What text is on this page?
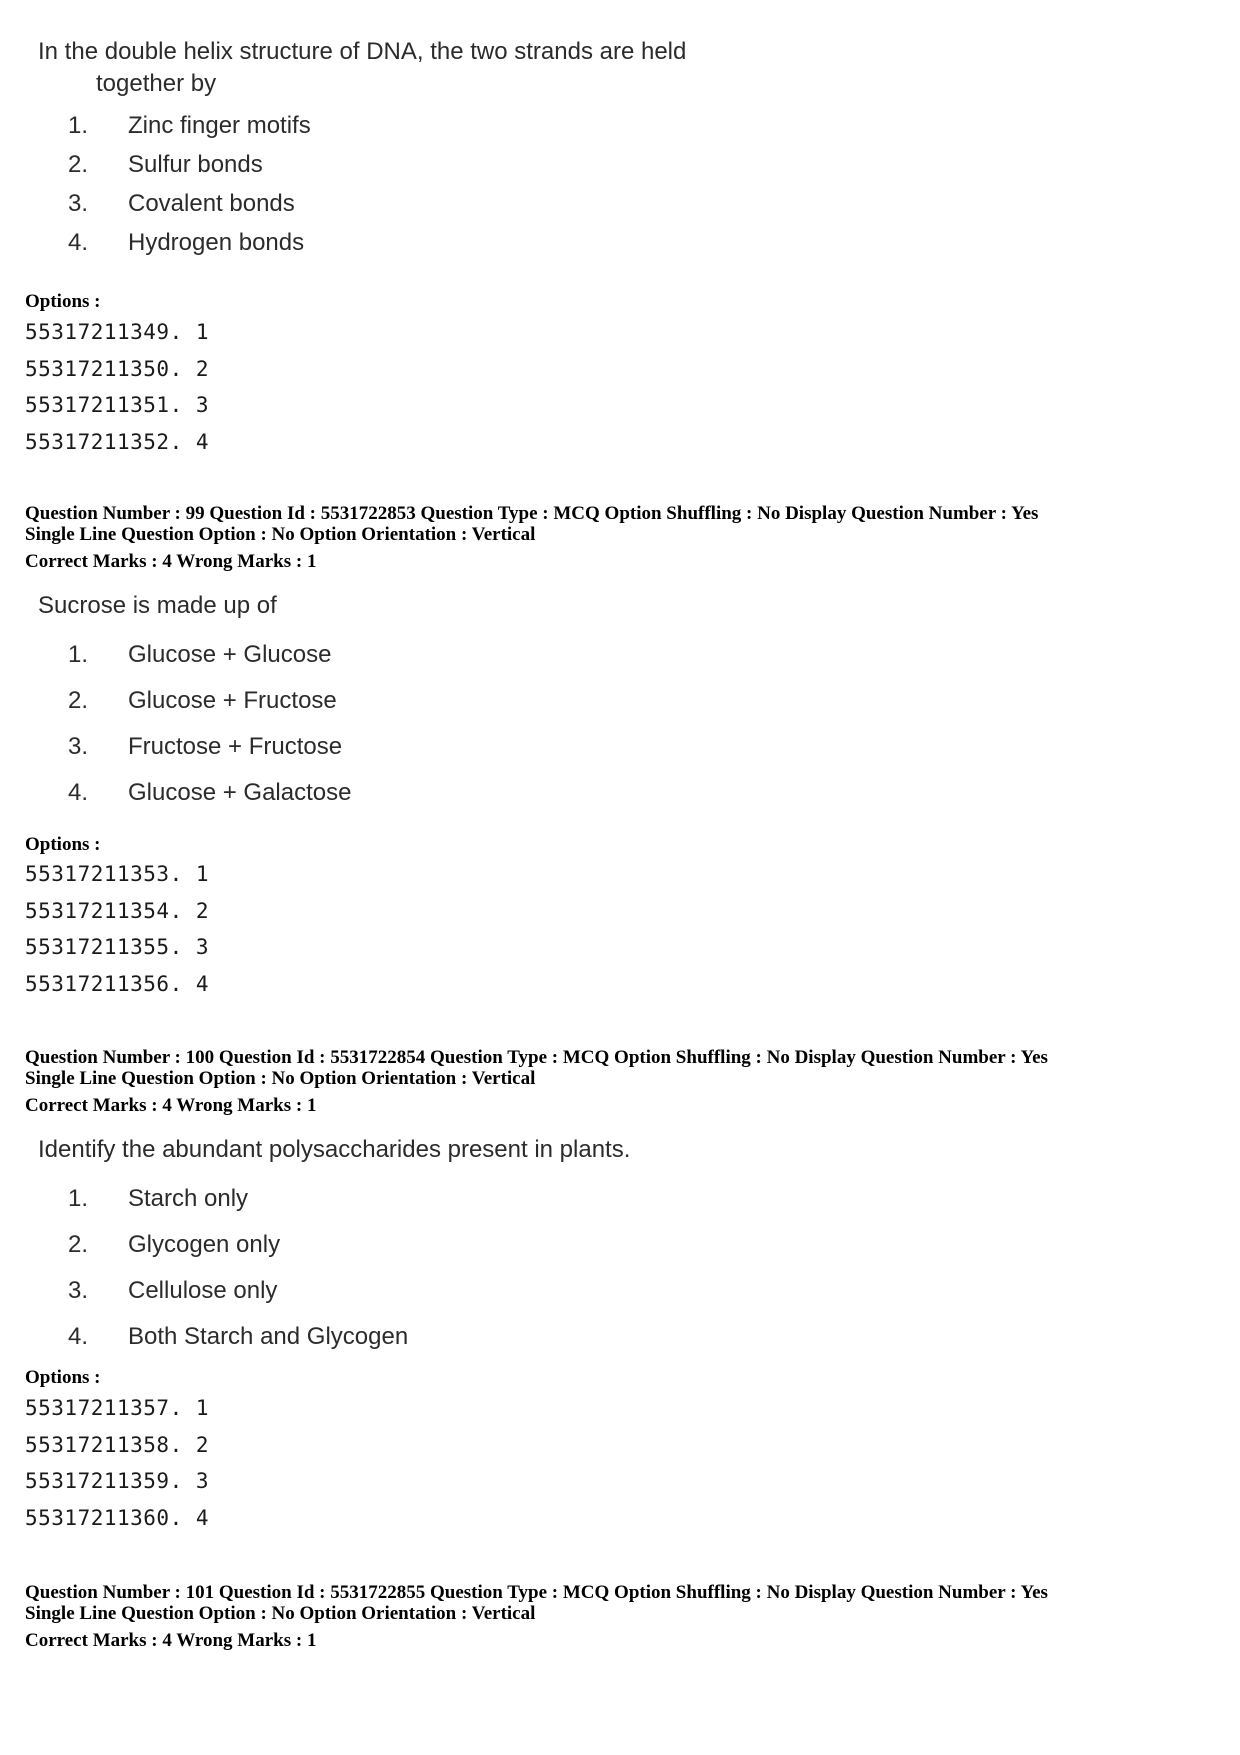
In the double helix structure of DNA, the two strands are held
together by

1.	Zinc finger motifs
2.	Sulfur bonds
3.	Covalent bonds
4.	Hydrogen bonds
Options :
55317211349. 1
55317211350. 2
55317211351. 3
55317211352. 4
Question Number : 99 Question Id : 5531722853 Question Type : MCQ Option Shuffling : No Display Question Number : Yes
Single Line Question Option : No Option Orientation : Vertical
Correct Marks : 4 Wrong Marks : 1

Sucrose is made up of

1.	Glucose + Glucose
2.	Glucose + Fructose
3.	Fructose + Fructose
4.	Glucose + Galactose
Options :
55317211353. 1
55317211354. 2
55317211355. 3
55317211356. 4
Question Number : 100 Question Id : 5531722854 Question Type : MCQ Option Shuffling : No Display Question Number : Yes
Single Line Question Option : No Option Orientation : Vertical
Correct Marks : 4 Wrong Marks : 1

Identify the abundant polysaccharides present in plants.

1.	Starch only
2.	Glycogen only
3.	Cellulose only
4.	Both Starch and Glycogen
Options :
55317211357. 1
55317211358. 2
55317211359. 3
55317211360. 4
Question Number : 101 Question Id : 5531722855 Question Type : MCQ Option Shuffling : No Display Question Number : Yes
Single Line Question Option : No Option Orientation : Vertical
Correct Marks : 4 Wrong Marks : 1
